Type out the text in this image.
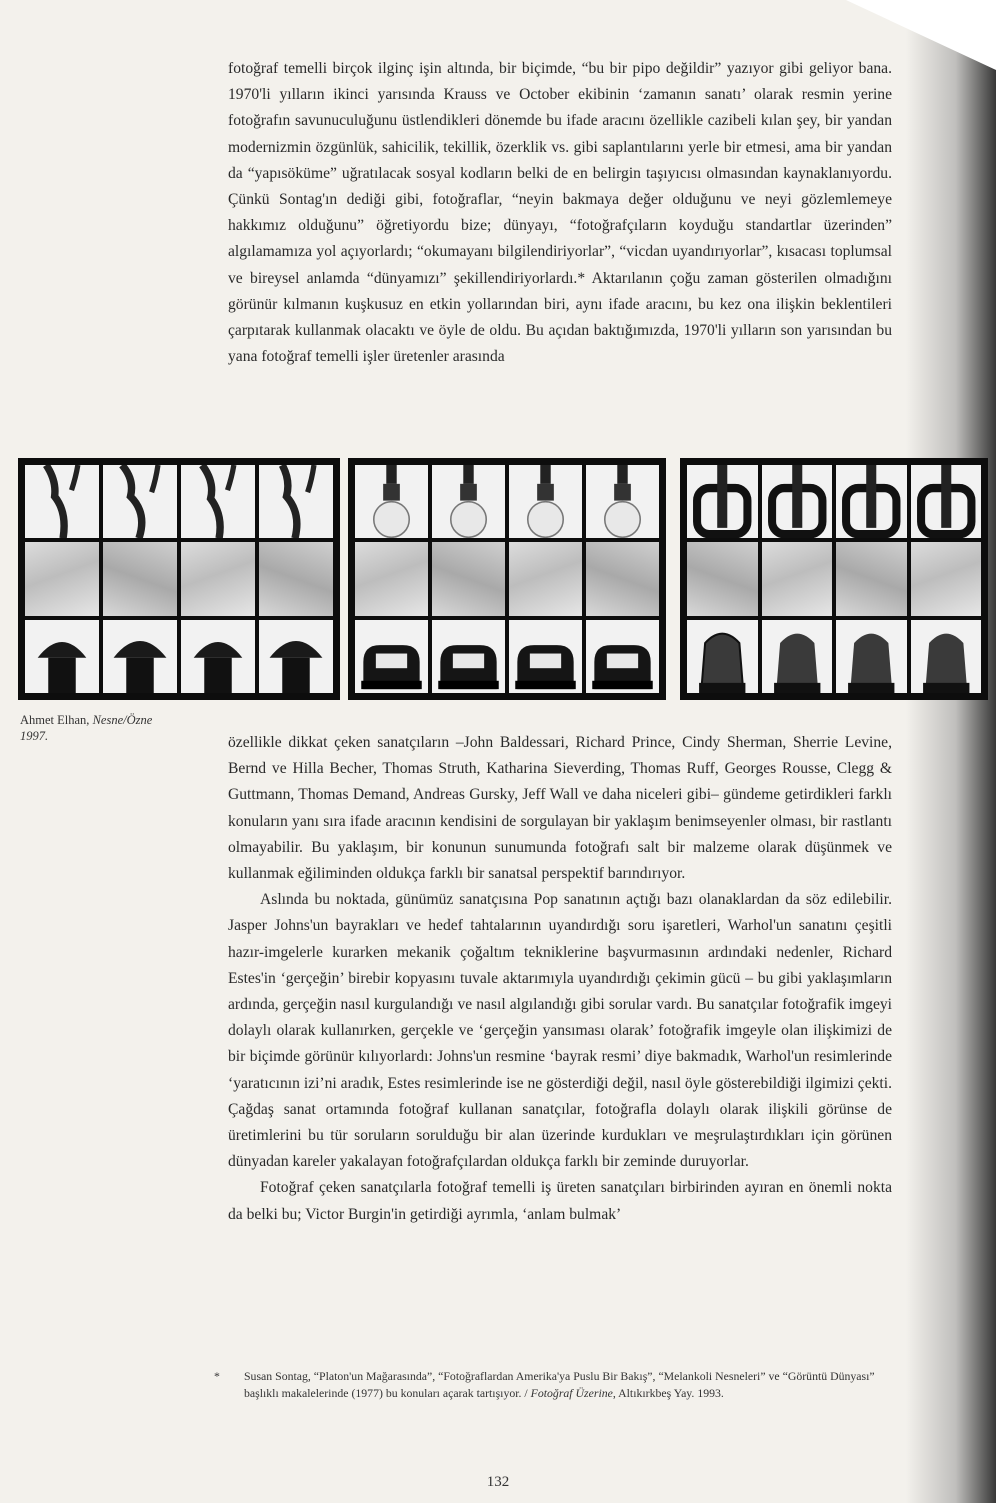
fotoğraf temelli birçok ilginç işin altında, bir biçimde, “bu bir pipo değildir” yazıyor gibi geliyor bana. 1970'li yılların ikinci yarısında Krauss ve October ekibinin ‘zamanın sanatı’ olarak resmin yerine fotoğrafın savunuculuğunu üstlendikleri dönemde bu ifade aracını özellikle cazibeli kılan şey, bir yandan modernizmin özgünlük, sahicilik, tekillik, özerklik vs. gibi saplantılarını yerle bir etmesi, ama bir yandan da “yapısöküme” uğratılacak sosyal kodların belki de en belirgin taşıyıcısı olmasından kaynaklanıyordu. Çünkü Sontag'ın dediği gibi, fotoğraflar, “neyin bakmaya değer olduğunu ve neyi gözlemlemeye hakkımız olduğunu” öğretiyordu bize; dünyayı, “fotoğrafçıların koyduğu standartlar üzerinden” algılamamıza yol açıyorlardı; “okumayanı bilgilendiriyorlar”, “vicdan uyandırıyorlar”, kısacası toplumsal ve bireysel anlamda “dünyamızı” şekillendiriyorlardı.* Aktarılanın çoğu zaman gösterilen olmadığını görünür kılmanın kuşkusuz en etkin yollarından biri, aynı ifade aracını, bu kez ona ilişkin beklentileri çarpıtarak kullanmak olacaktı ve öyle de oldu. Bu açıdan baktığımızda, 1970'li yılların son yarısından bu yana fotoğraf temelli işler üretenler arasında

Ahmet Elhan, Nesne/Özne
1997.	özellikle dikkat çeken sanatçıların –John Baldessari, Richard Prince, Cindy Sherman, Sherrie Levine, Bernd ve Hilla Becher, Thomas Struth, Katharina Sieverding, Thomas Ruff, Georges Rousse, Clegg & Guttmann, Thomas Demand, Andreas Gursky, Jeff Wall ve daha niceleri gibi– gündeme getirdikleri farklı konuların yanı sıra ifade aracının kendisini de sorgulayan bir yaklaşım benimseyenler olması, bir rastlantı olmayabilir. Bu yaklaşım, bir konunun sunumunda fotoğrafı salt bir malzeme olarak düşünmek ve kullanmak eğiliminden oldukça farklı bir sanatsal perspektif barındırıyor.

Aslında bu noktada, günümüz sanatçısına Pop sanatının açtığı bazı olanaklardan da söz edilebilir. Jasper Johns'un bayrakları ve hedef tahtalarının uyandırdığı soru işaretleri, Warhol'un sanatını çeşitli hazır-imgelerle kurarken mekanik çoğaltım tekniklerine başvurmasının ardındaki nedenler, Richard Estes'in ‘gerçeğin’ birebir kopyasını tuvale aktarımıyla uyandırdığı çekimin gücü – bu gibi yaklaşımların ardında, gerçeğin nasıl kurgulandığı ve nasıl algılandığı gibi sorular vardı. Bu sanatçılar fotoğrafik imgeyi dolaylı olarak kullanırken, gerçekle ve ‘gerçeğin yansıması olarak’ fotoğrafik imgeyle olan ilişkimizi de bir biçimde görünür kılıyorlardı: Johns'un resmine ‘bayrak resmi’ diye bakmadık, Warhol'un resimlerinde ‘yaratıcının izi’ni aradık, Estes resimlerinde ise ne gösterdiği değil, nasıl öyle gösterebildiği ilgimizi çekti. Çağdaş sanat ortamında fotoğraf kullanan sanatçılar, fotoğrafla dolaylı olarak ilişkili görünse de üretimlerini bu tür soruların sorulduğu bir alan üzerinde kurdukları ve meşrulaştırdıkları için görünen dünyadan kareler yakalayan fotoğrafçılardan oldukça farklı bir zeminde duruyorlar.

Fotoğraf çeken sanatçılarla fotoğraf temelli iş üreten sanatçıları birbirinden ayıran en önemli nokta da belki bu; Victor Burgin'in getirdiği ayrımla, ‘anlam bulmak’

* Susan Sontag, “Platon'un Mağarasında”, “Fotoğraflardan Amerika'ya Puslu Bir Bakış”, “Melankoli Nesneleri” ve “Görüntü Dünyası” başlıklı makalelerinde (1977) bu konuları açarak tartışıyor. / Fotoğraf Üzerine, Altıkırkbeş Yay. 1993.

132
